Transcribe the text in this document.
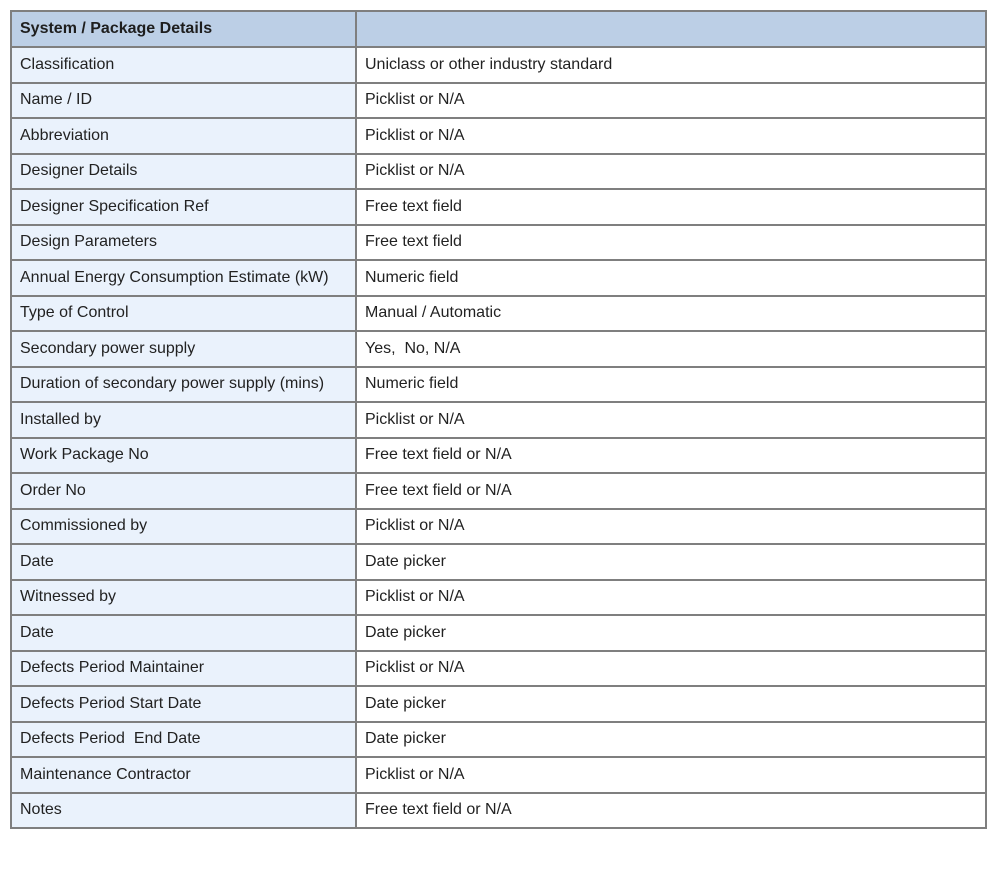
System / Package Details	
Classification	Uniclass or other industry standard
Name / ID	Picklist or N/A
Abbreviation	Picklist or N/A
Designer Details	Picklist or N/A
Designer Specification Ref	Free text field
Design Parameters	Free text field
Annual Energy Consumption Estimate (kW)	Numeric field
Type of Control	Manual / Automatic
Secondary power supply	Yes,  No, N/A
Duration of secondary power supply (mins)	Numeric field
Installed by	Picklist or N/A
Work Package No	Free text field or N/A
Order No	Free text field or N/A
Commissioned by	Picklist or N/A
Date	Date picker
Witnessed by	Picklist or N/A
Date	Date picker
Defects Period Maintainer	Picklist or N/A
Defects Period Start Date	Date picker
Defects Period  End Date	Date picker
Maintenance Contractor	Picklist or N/A
Notes	Free text field or N/A
